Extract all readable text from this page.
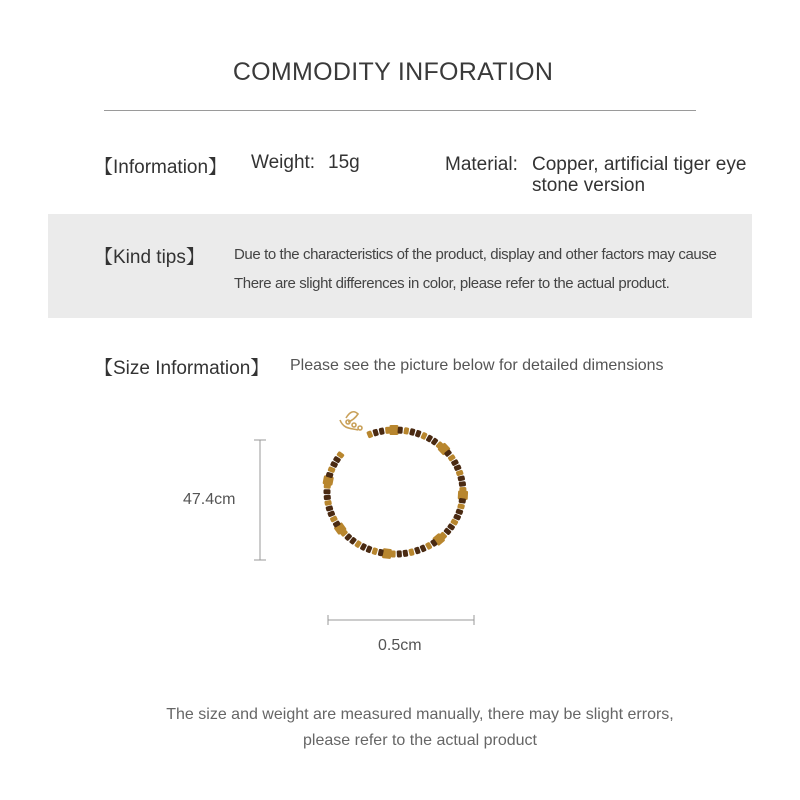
COMMODITY INFORATION
【Information】 Weight: 15g	Material: Copper, artificial tiger eye stone version
【Kind tips】 Due to the characteristics of the product, display and other factors may cause
There are slight differences in color, please refer to the actual product.
【Size Information】 Please see the picture below for detailed dimensions
47.4cm
0.5cm
The size and weight are measured manually, there may be slight errors,
please refer to the actual product
